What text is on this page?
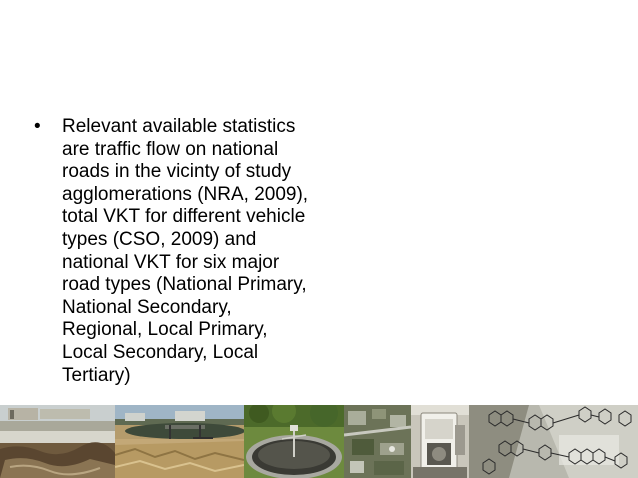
•	Relevant available statistics
are traffic flow on national
roads in the vicinty of study
agglomerations (NRA, 2009),
total VKT for different vehicle
types (CSO, 2009) and
national VKT for six major
road types (National Primary,
National Secondary,
Regional, Local Primary,
Local Secondary, Local
Tertiary)
